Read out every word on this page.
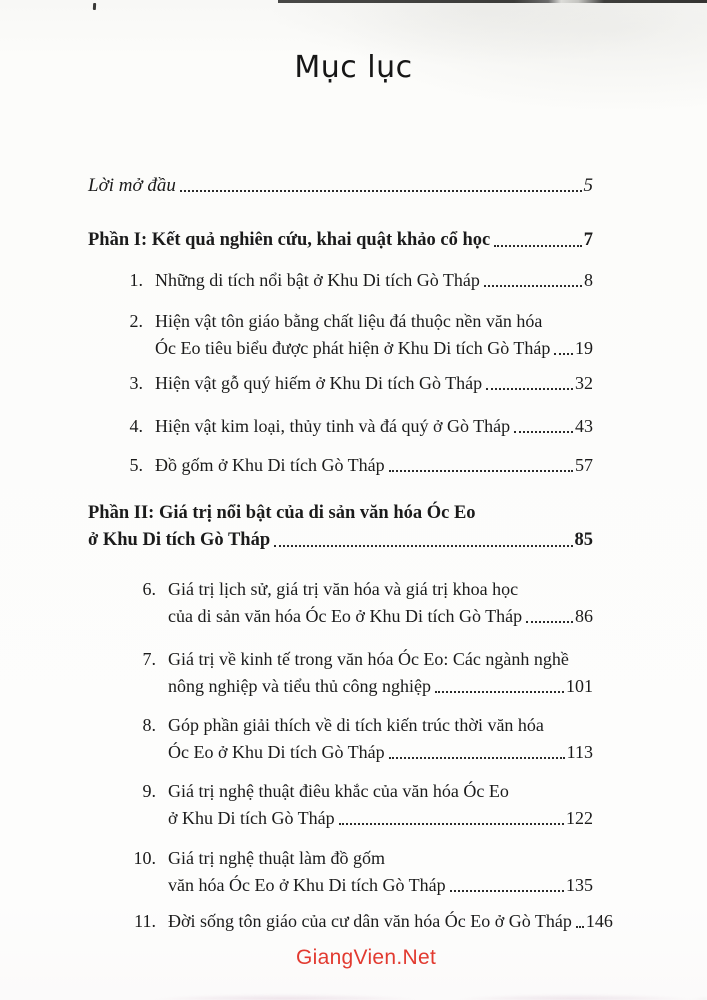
Mục lục
Lời mở đầu	5
Phần I: Kết quả nghiên cứu, khai quật khảo cổ học	7
1. Những di tích nổi bật ở Khu Di tích Gò Tháp	8
2. Hiện vật tôn giáo bằng chất liệu đá thuộc nền văn hóa
Óc Eo tiêu biểu được phát hiện ở Khu Di tích Gò Tháp 19
3. Hiện vật gỗ quý hiếm ở Khu Di tích Gò Tháp	32
4. Hiện vật kim loại, thủy tinh và đá quý ở Gò Tháp	43
5. Đồ gốm ở Khu Di tích Gò Tháp	57
Phần II: Giá trị nổi bật của di sản văn hóa Óc Eo
ở Khu Di tích Gò Tháp	85
6. Giá trị lịch sử, giá trị văn hóa và giá trị khoa học
của di sản văn hóa Óc Eo ở Khu Di tích Gò Tháp	86
7. Giá trị về kinh tế trong văn hóa Óc Eo: Các ngành nghề
nông nghiệp và tiểu thủ công nghiệp	101
8. Góp phần giải thích về di tích kiến trúc thời văn hóa
Óc Eo ở Khu Di tích Gò Tháp	113
9. Giá trị nghệ thuật điêu khắc của văn hóa Óc Eo
ở Khu Di tích Gò Tháp	122
10. Giá trị nghệ thuật làm đồ gốm
văn hóa Óc Eo ở Khu Di tích Gò Tháp	135
11. Đời sống tôn giáo của cư dân văn hóa Óc Eo ở Gò Tháp 146
GiangVien.Net
